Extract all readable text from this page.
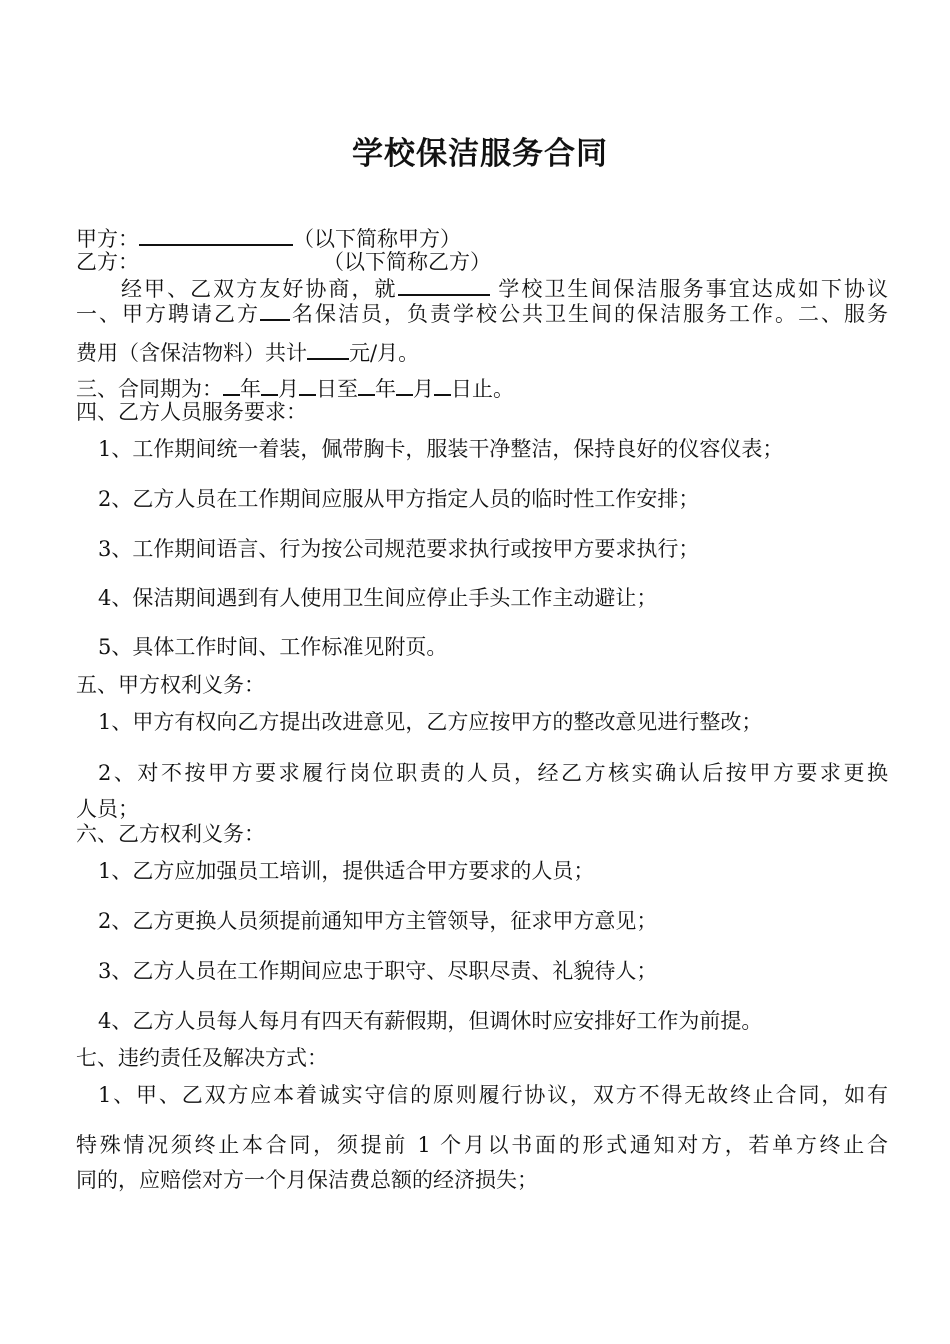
学校保洁服务合同
甲方：	（以下简称甲方）
乙方：	（以下简称乙方）
经甲、乙双方友好协商，就	学校卫生间保洁服务事宜达成如下协议
一、甲方聘请乙方 名保洁员，负责学校公共卫生间的保洁服务工作。二、服务
费用（含保洁物料）共计 元/月。
三、合同期为： 年 月 日至 年 月 日止。
四、乙方人员服务要求：
1、工作期间统一着装，佩带胸卡，服装干净整洁，保持良好的仪容仪表；
2、乙方人员在工作期间应服从甲方指定人员的临时性工作安排；
3、工作期间语言、行为按公司规范要求执行或按甲方要求执行；
4、保洁期间遇到有人使用卫生间应停止手头工作主动避让；
5、具体工作时间、工作标准见附页。
五、甲方权利义务：
1、甲方有权向乙方提出改进意见，乙方应按甲方的整改意见进行整改；
2、对不按甲方要求履行岗位职责的人员，经乙方核实确认后按甲方要求更换
人员；
六、乙方权利义务：
1、乙方应加强员工培训，提供适合甲方要求的人员；
2、乙方更换人员须提前通知甲方主管领导，征求甲方意见；
3、乙方人员在工作期间应忠于职守、尽职尽责、礼貌待人；
4、乙方人员每人每月有四天有薪假期，但调休时应安排好工作为前提。
七、违约责任及解决方式：
1、甲、乙双方应本着诚实守信的原则履行协议，双方不得无故终止合同，如有
特殊情况须终止本合同，须提前 1 个月以书面的形式通知对方，若单方终止合
同的，应赔偿对方一个月保洁费总额的经济损失；
